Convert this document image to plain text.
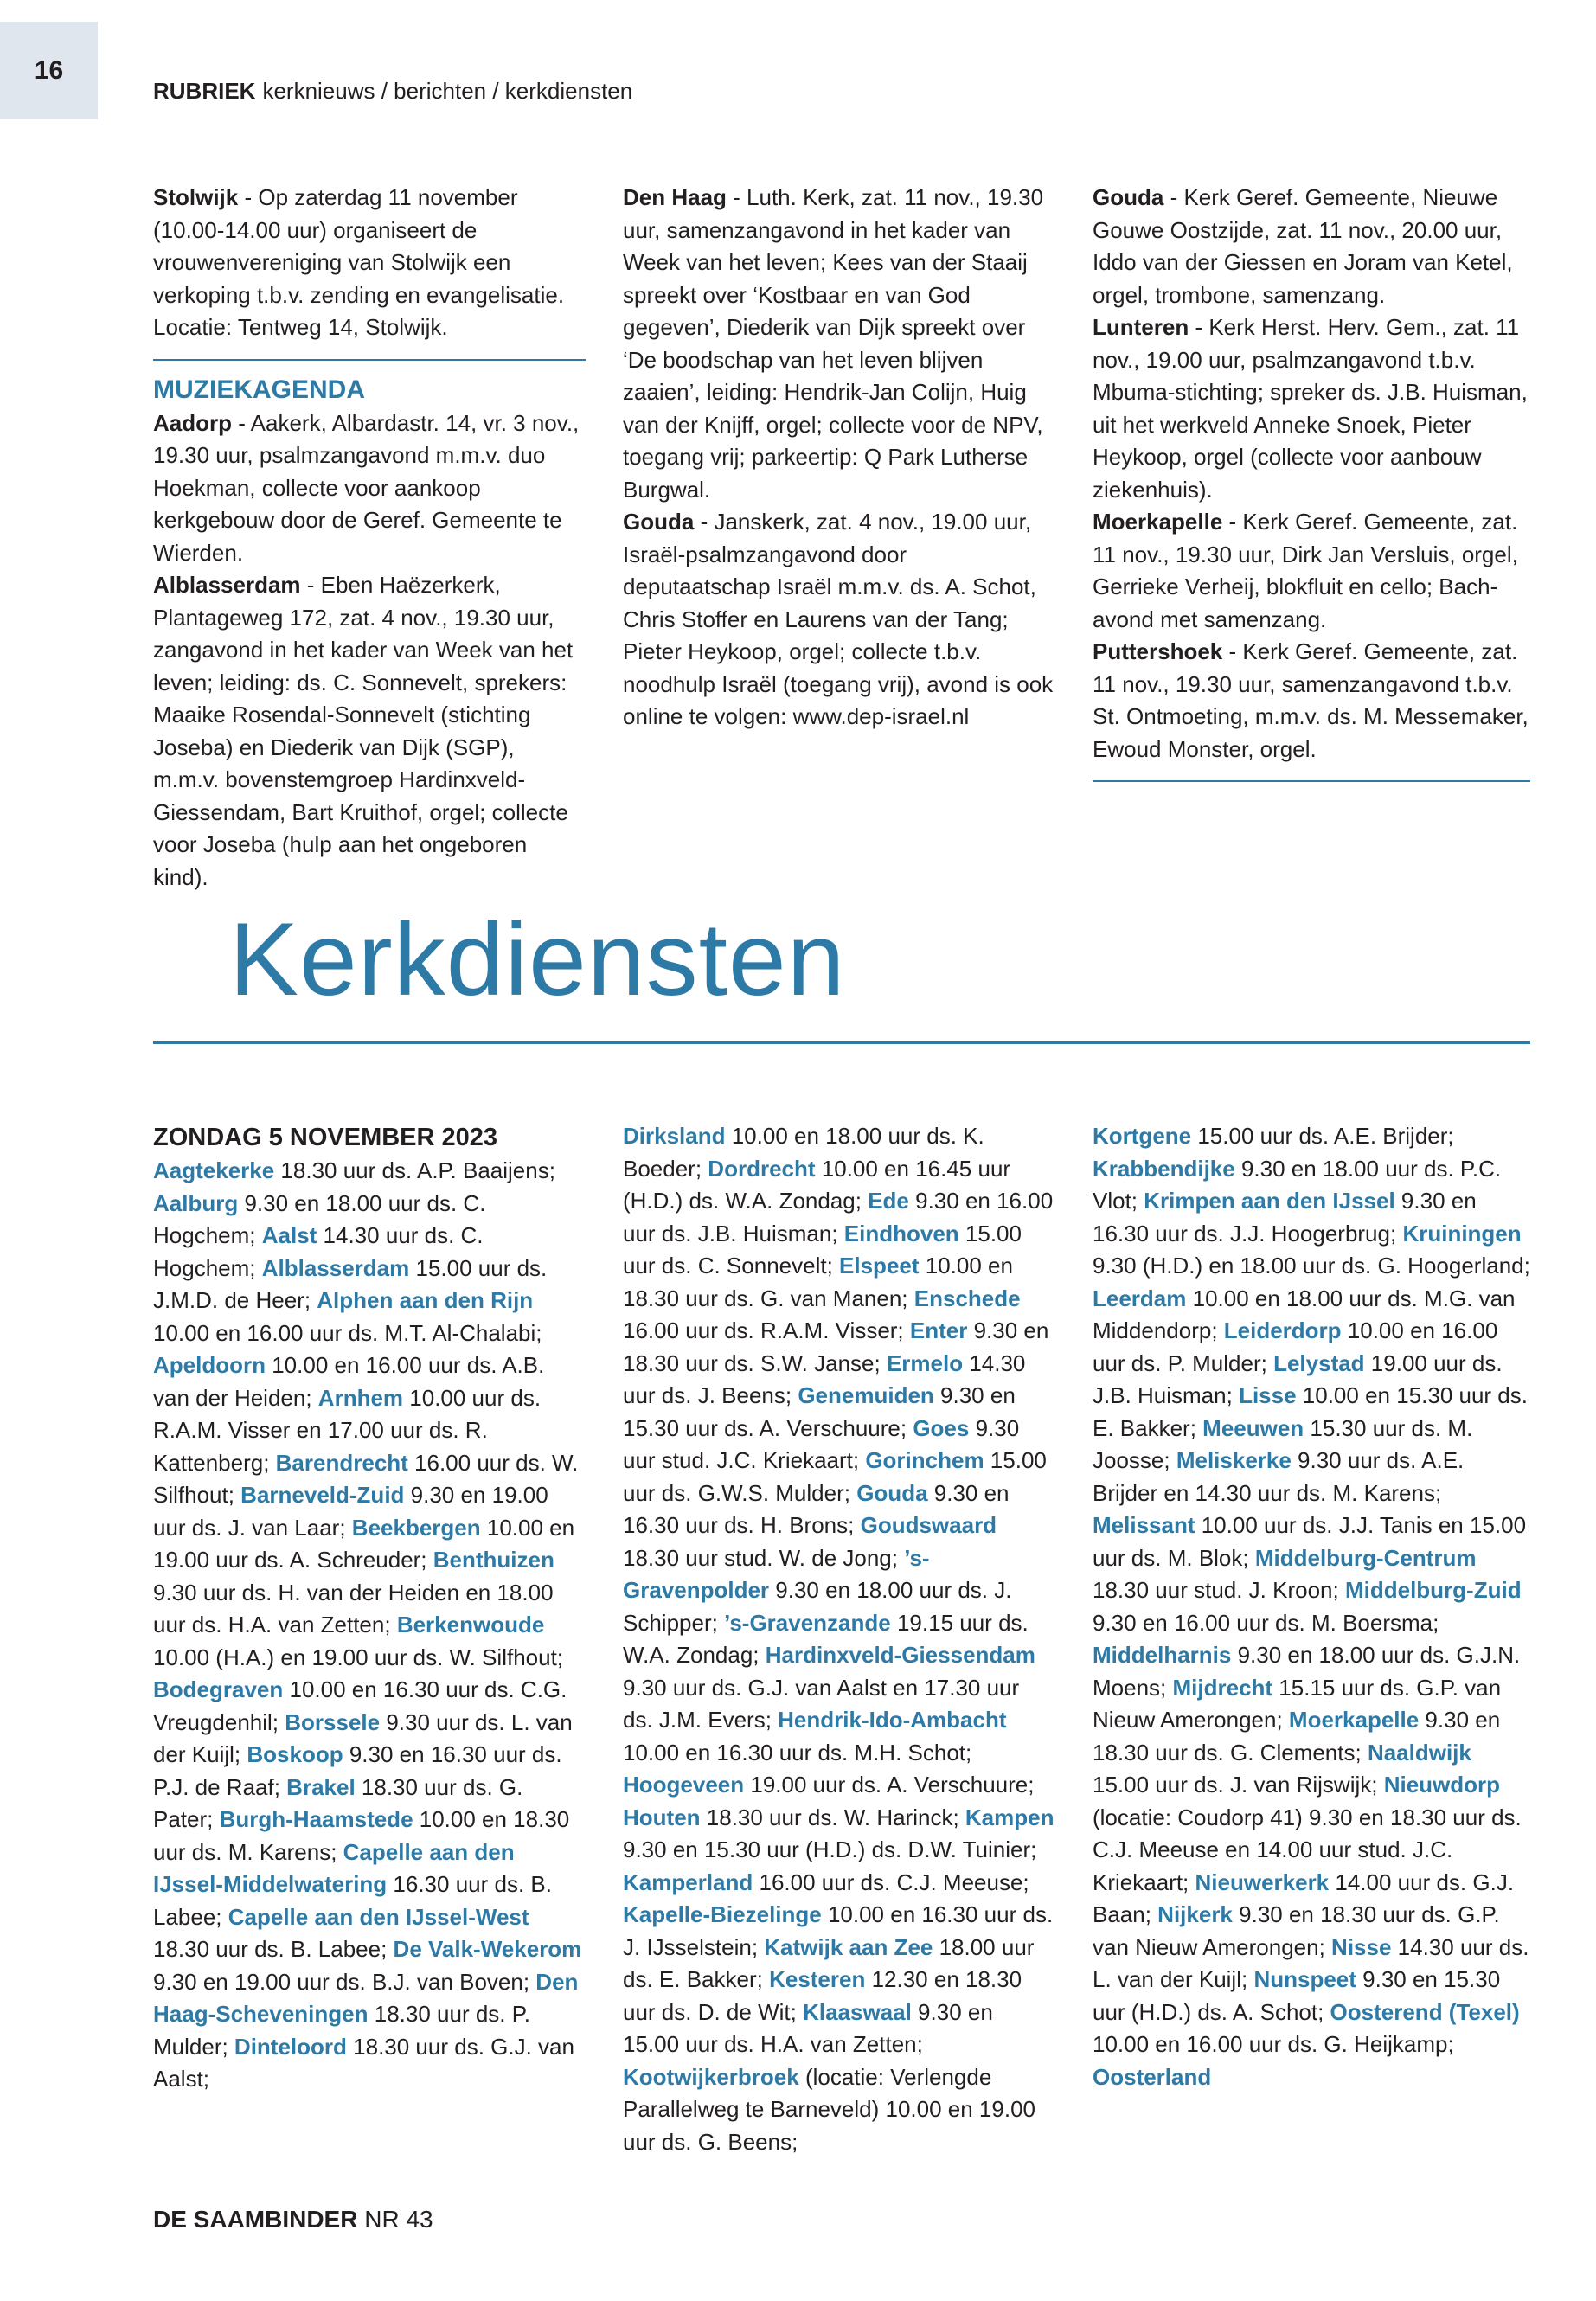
16
RUBRIEK kerknieuws / berichten / kerkdiensten

Stolwijk - Op zaterdag 11 november (10.00-14.00 uur) organiseert de vrouwenvereniging van Stolwijk een verkoping t.b.v. zending en evangelisatie. Locatie: Tentweg 14, Stolwijk.

MUZIEKAGENDA

Aadorp - Aakerk, Albardastr. 14, vr. 3 nov., 19.30 uur, psalmzangavond m.m.v. duo Hoekman, collecte voor aankoop kerkgebouw door de Geref. Gemeente te Wierden.

Alblasserdam - Eben Haëzerkerk, Plantageweg 172, zat. 4 nov., 19.30 uur, zangavond in het kader van Week van het leven; leiding: ds. C. Sonnevelt, sprekers: Maaike Rosendal-Sonnevelt (stichting Joseba) en Diederik van Dijk (SGP), m.m.v. bovenstemgroep Hardinxveld-Giessendam, Bart Kruithof, orgel; collecte voor Joseba (hulp aan het ongeboren kind).

Den Haag - Luth. Kerk, zat. 11 nov., 19.30 uur, samenzangavond in het kader van Week van het leven; Kees van der Staaij spreekt over ‘Kostbaar en van God gegeven’, Diederik van Dijk spreekt over ‘De boodschap van het leven blijven zaaien’, leiding: Hendrik-Jan Colijn, Huig van der Knijff, orgel; collecte voor de NPV, toegang vrij; parkeertip: Q Park Lutherse Burgwal.

Gouda - Janskerk, zat. 4 nov., 19.00 uur, Israël-psalmzangavond door deputaatschap Israël m.m.v. ds. A. Schot, Chris Stoffer en Laurens van der Tang; Pieter Heykoop, orgel; collecte t.b.v. noodhulp Israël (toegang vrij), avond is ook online te volgen: www.dep-israel.nl

Gouda - Kerk Geref. Gemeente, Nieuwe Gouwe Oostzijde, zat. 11 nov., 20.00 uur, Iddo van der Giessen en Joram van Ketel, orgel, trombone, samenzang.

Lunteren - Kerk Herst. Herv. Gem., zat. 11 nov., 19.00 uur, psalmzangavond t.b.v. Mbuma-stichting; spreker ds. J.B. Huisman, uit het werkveld Anneke Snoek, Pieter Heykoop, orgel (collecte voor aanbouw ziekenhuis).

Moerkapelle - Kerk Geref. Gemeente, zat. 11 nov., 19.30 uur, Dirk Jan Versluis, orgel, Gerrieke Verheij, blokfluit en cello; Bach-avond met samenzang.

Puttershoek - Kerk Geref. Gemeente, zat. 11 nov., 19.30 uur, samenzangavond t.b.v. St. Ontmoeting, m.m.v. ds. M. Messemaker, Ewoud Monster, orgel.

Kerkdiensten
ZONDAG 5 NOVEMBER 2023

Aagtekerke 18.30 uur ds. A.P. Baaijens; Aalburg 9.30 en 18.00 uur ds. C. Hogchem; Aalst 14.30 uur ds. C. Hogchem; Alblasserdam 15.00 uur ds. J.M.D. de Heer; Alphen aan den Rijn 10.00 en 16.00 uur ds. M.T. Al-Chalabi; Apeldoorn 10.00 en 16.00 uur ds. A.B. van der Heiden; Arnhem 10.00 uur ds. R.A.M. Visser en 17.00 uur ds. R. Kattenberg; Barendrecht 16.00 uur ds. W. Silfhout; Barneveld-Zuid 9.30 en 19.00 uur ds. J. van Laar; Beekbergen 10.00 en 19.00 uur ds. A. Schreuder; Benthuizen 9.30 uur ds. H. van der Heiden en 18.00 uur ds. H.A. van Zetten; Berkenwoude 10.00 (H.A.) en 19.00 uur ds. W. Silfhout; Bodegraven 10.00 en 16.30 uur ds. C.G. Vreugdenhil; Borssele 9.30 uur ds. L. van der Kuijl; Boskoop 9.30 en 16.30 uur ds. P.J. de Raaf; Brakel 18.30 uur ds. G. Pater; Burgh-Haamstede 10.00 en 18.30 uur ds. M. Karens; Capelle aan den IJssel-Middelwatering 16.30 uur ds. B. Labee; Capelle aan den IJssel-West 18.30 uur ds. B. Labee; De Valk-Wekerom 9.30 en 19.00 uur ds. B.J. van Boven; Den Haag-Scheveningen 18.30 uur ds. P. Mulder; Dinteloord 18.30 uur ds. G.J. van Aalst;

Dirksland 10.00 en 18.00 uur ds. K. Boeder; Dordrecht 10.00 en 16.45 uur (H.D.) ds. W.A. Zondag; Ede 9.30 en 16.00 uur ds. J.B. Huisman; Eindhoven 15.00 uur ds. C. Sonnevelt; Elspeet 10.00 en 18.30 uur ds. G. van Manen; Enschede 16.00 uur ds. R.A.M. Visser; Enter 9.30 en 18.30 uur ds. S.W. Janse; Ermelo 14.30 uur ds. J. Beens; Genemuiden 9.30 en 15.30 uur ds. A. Verschuure; Goes 9.30 uur stud. J.C. Kriekaart; Gorinchem 15.00 uur ds. G.W.S. Mulder; Gouda 9.30 en 16.30 uur ds. H. Brons; Goudswaard 18.30 uur stud. W. de Jong; ’s-Gravenpolder 9.30 en 18.00 uur ds. J. Schipper; ’s-Gravenzande 19.15 uur ds. W.A. Zondag; Hardinxveld-Giessendam 9.30 uur ds. G.J. van Aalst en 17.30 uur ds. J.M. Evers; Hendrik-Ido-Ambacht 10.00 en 16.30 uur ds. M.H. Schot; Hoogeveen 19.00 uur ds. A. Verschuure; Houten 18.30 uur ds. W. Harinck; Kampen 9.30 en 15.30 uur (H.D.) ds. D.W. Tuinier; Kamperland 16.00 uur ds. C.J. Meeuse; Kapelle-Biezelinge 10.00 en 16.30 uur ds. J. IJsselstein; Katwijk aan Zee 18.00 uur ds. E. Bakker; Kesteren 12.30 en 18.30 uur ds. D. de Wit; Klaaswaal 9.30 en 15.00 uur ds. H.A. van Zetten; Kootwijkerbroek (locatie: Verlengde Parallelweg te Barneveld) 10.00 en 19.00 uur ds. G. Beens;

Kortgene 15.00 uur ds. A.E. Brijder; Krabbendijke 9.30 en 18.00 uur ds. P.C. Vlot; Krimpen aan den IJssel 9.30 en 16.30 uur ds. J.J. Hoogerbrug; Kruiningen 9.30 (H.D.) en 18.00 uur ds. G. Hoogerland; Leerdam 10.00 en 18.00 uur ds. M.G. van Middendorp; Leiderdorp 10.00 en 16.00 uur ds. P. Mulder; Lelystad 19.00 uur ds. J.B. Huisman; Lisse 10.00 en 15.30 uur ds. E. Bakker; Meeuwen 15.30 uur ds. M. Joosse; Meliskerke 9.30 uur ds. A.E. Brijder en 14.30 uur ds. M. Karens; Melissant 10.00 uur ds. J.J. Tanis en 15.00 uur ds. M. Blok; Middelburg-Centrum 18.30 uur stud. J. Kroon; Middelburg-Zuid 9.30 en 16.00 uur ds. M. Boersma; Middelharnis 9.30 en 18.00 uur ds. G.J.N. Moens; Mijdrecht 15.15 uur ds. G.P. van Nieuw Amerongen; Moerkapelle 9.30 en 18.30 uur ds. G. Clements; Naaldwijk 15.00 uur ds. J. van Rijswijk; Nieuwdorp (locatie: Coudorp 41) 9.30 en 18.30 uur ds. C.J. Meeuse en 14.00 uur stud. J.C. Kriekaart; Nieuwerkerk 14.00 uur ds. G.J. Baan; Nijkerk 9.30 en 18.30 uur ds. G.P. van Nieuw Amerongen; Nisse 14.30 uur ds. L. van der Kuijl; Nunspeet 9.30 en 15.30 uur (H.D.) ds. A. Schot; Oosterend (Texel) 10.00 en 16.00 uur ds. G. Heijkamp; Oosterland

DE SAAMBINDER NR 43
